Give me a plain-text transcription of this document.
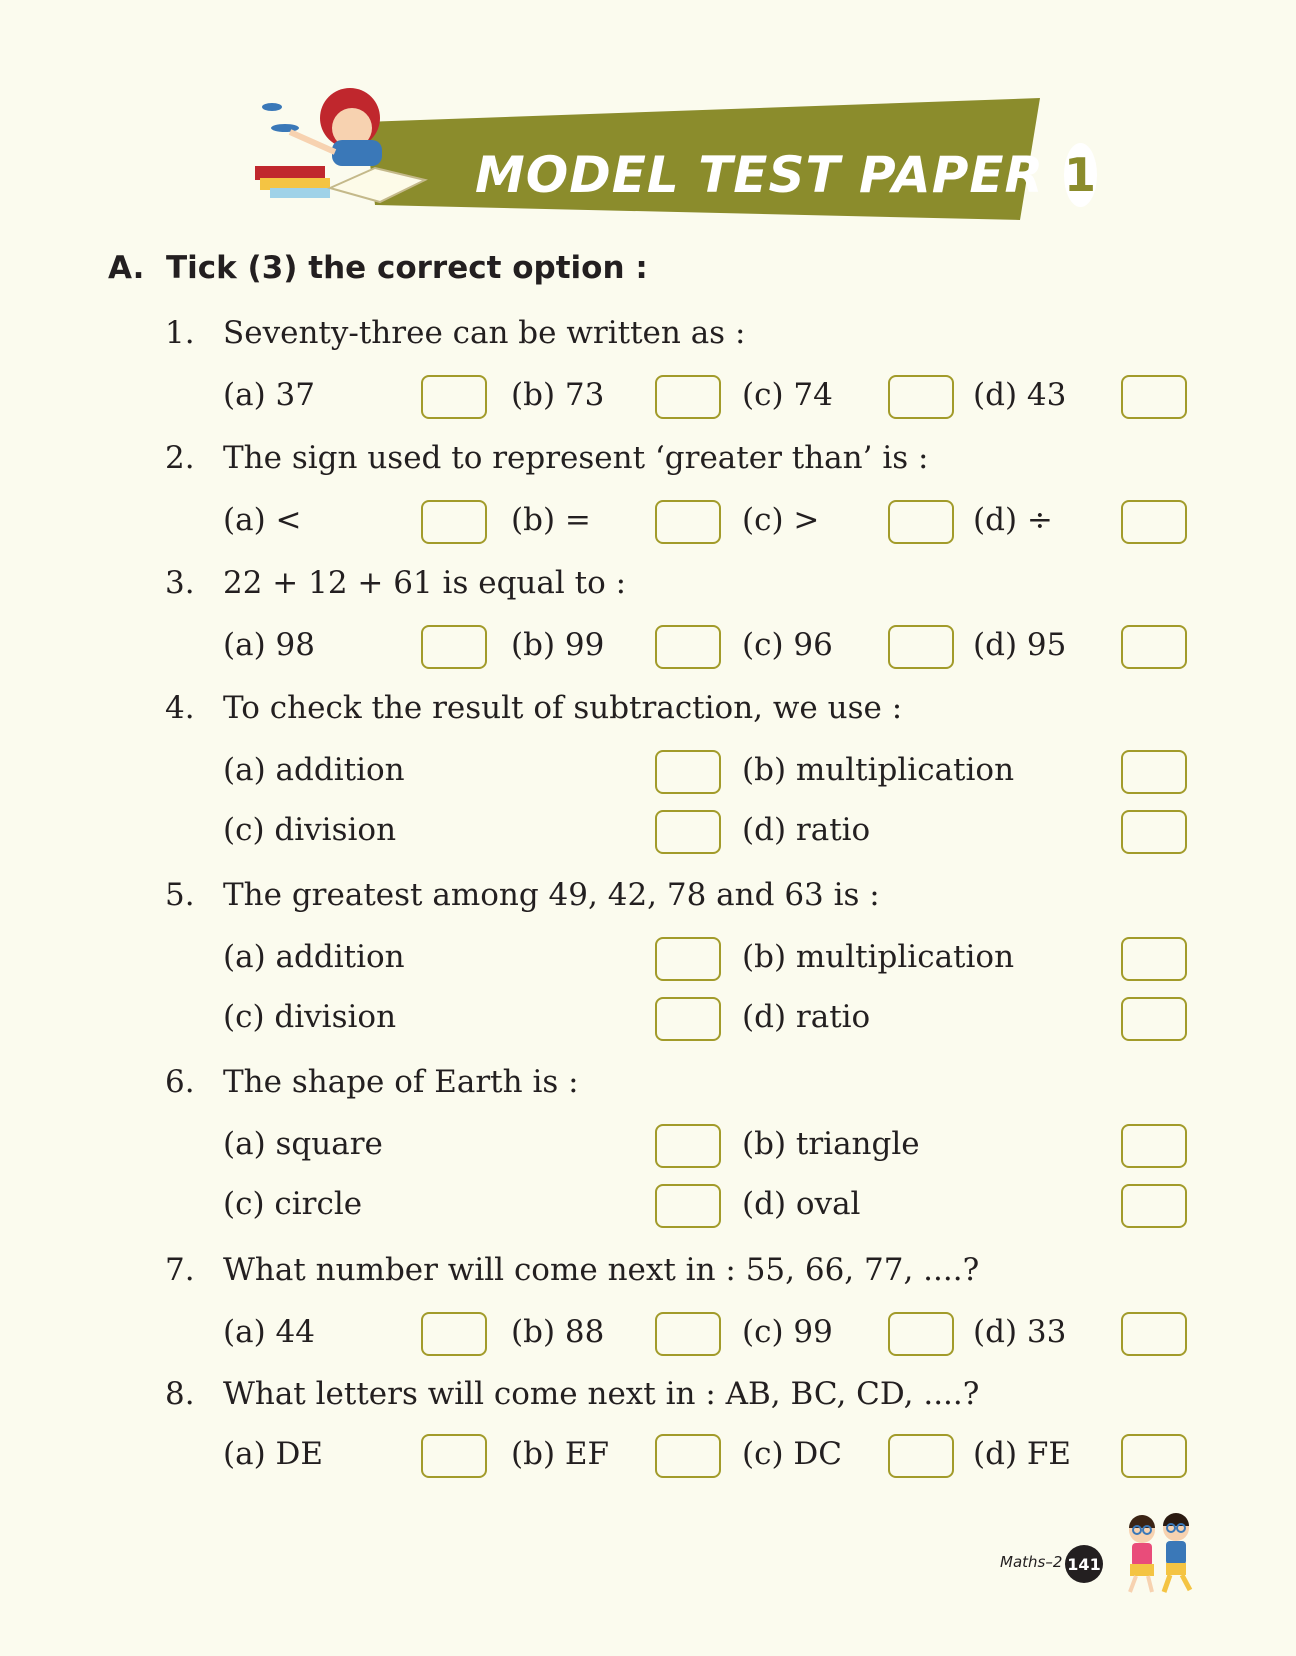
MODEL TEST PAPER 1
A. Tick (3) the correct option :
1. Seventy-three can be written as :
(a) 37	(b) 73	(c) 74	(d) 43
2. The sign used to represent ‘greater than’ is :
(a) <	(b) =	(c) >	(d) ÷
3. 22 + 12 + 61 is equal to :
(a) 98	(b) 99	(c) 96	(d) 95
4. To check the result of subtraction, we use :
(a) addition	(b) multiplication
(c) division	(d) ratio
5. The greatest among 49, 42, 78 and 63 is :
(a) addition	(b) multiplication
(c) division	(d) ratio
6. The shape of Earth is :
(a) square	(b) triangle
(c) circle	(d) oval
7. What number will come next in : 55, 66, 77, ....?
(a) 44	(b) 88	(c) 99	(d) 33
8. What letters will come next in : AB, BC, CD, ....?
(a) DE	(b) EF	(c) DC	(d) FE
Maths–2 141
